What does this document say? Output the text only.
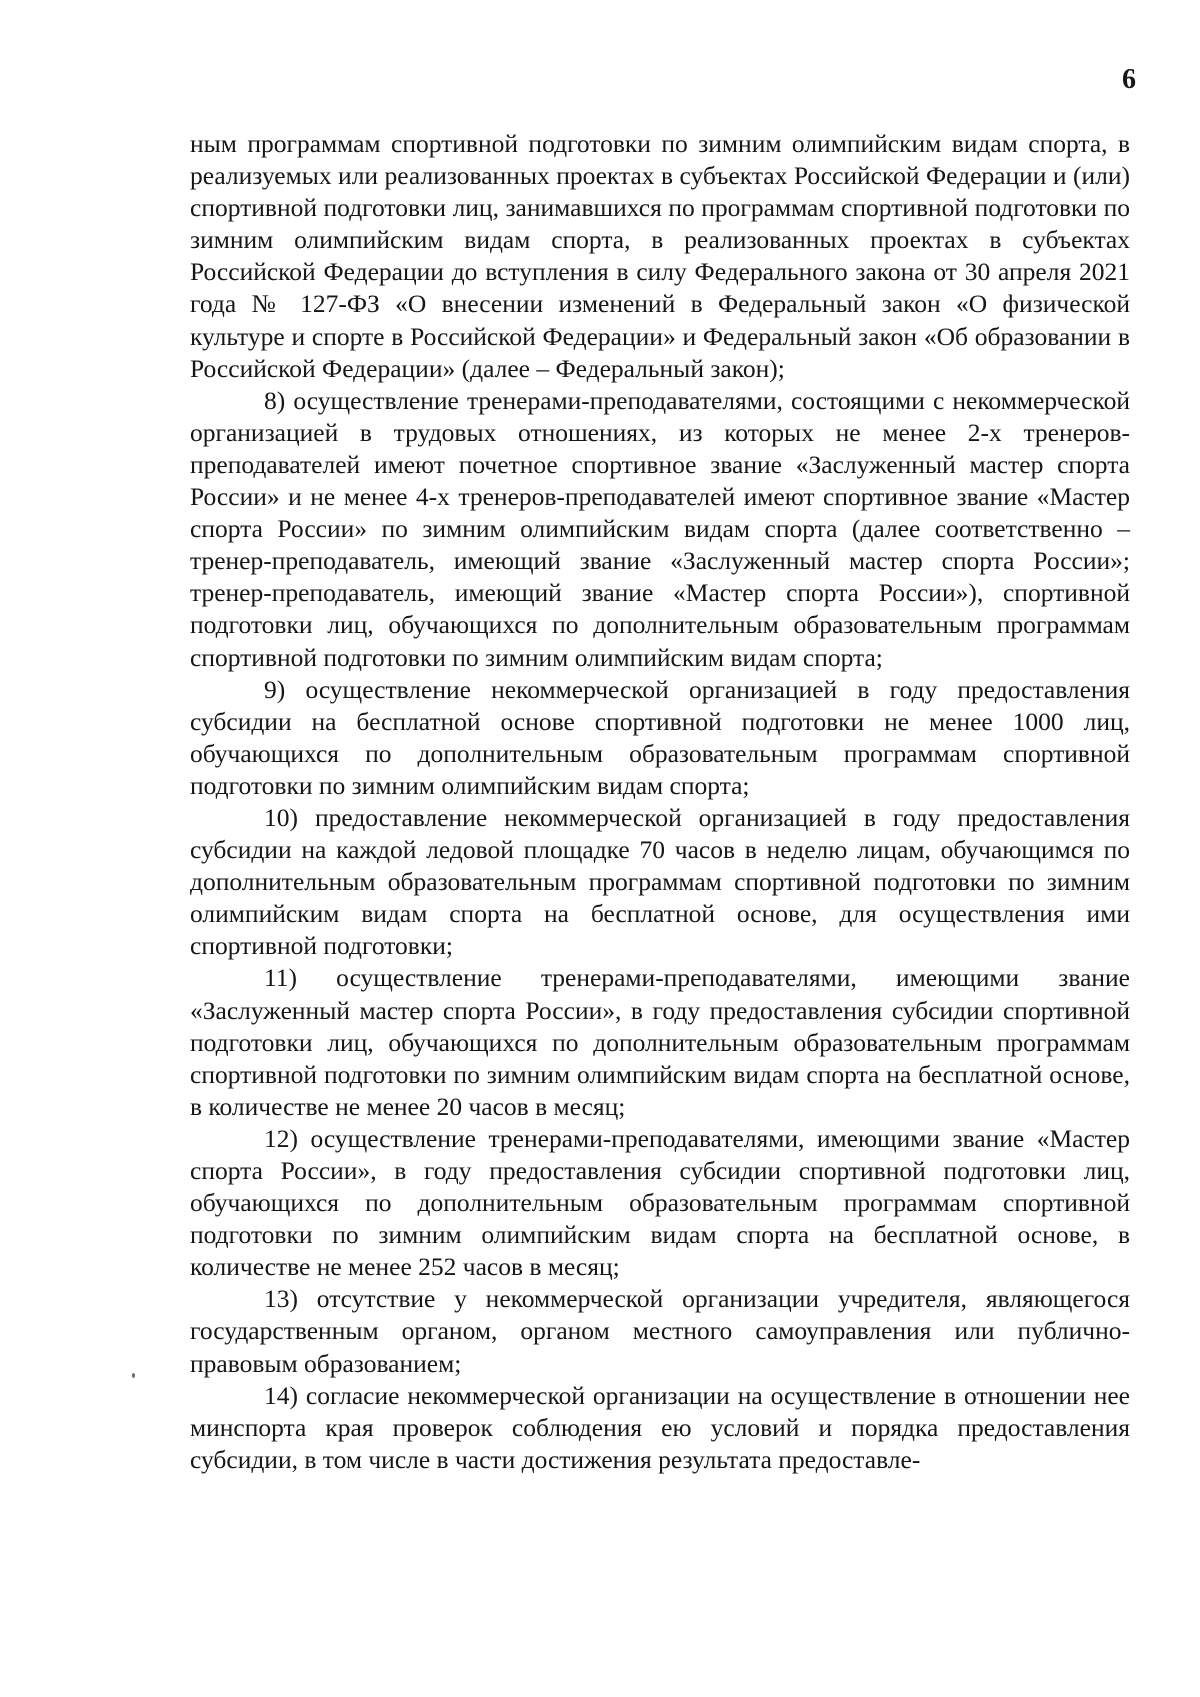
6

ным программам спортивной подготовки по зимним олимпийским видам спорта, в реализуемых или реализованных проектах в субъектах Российской Федерации и (или) спортивной подготовки лиц, занимавшихся по программам спортивной подготовки по зимним олимпийским видам спорта, в реализованных проектах в субъектах Российской Федерации до вступления в силу Федерального закона от 30 апреля 2021 года № 127-ФЗ «О внесении изменений в Федеральный закон «О физической культуре и спорте в Российской Федерации» и Федеральный закон «Об образовании в Российской Федерации» (далее – Федеральный закон);

8) осуществление тренерами-преподавателями, состоящими с некоммерческой организацией в трудовых отношениях, из которых не менее 2-х тренеров-преподавателей имеют почетное спортивное звание «Заслуженный мастер спорта России» и не менее 4-х тренеров-преподавателей имеют спортивное звание «Мастер спорта России» по зимним олимпийским видам спорта (далее соответственно – тренер-преподаватель, имеющий звание «Заслуженный мастер спорта России»; тренер-преподаватель, имеющий звание «Мастер спорта России»), спортивной подготовки лиц, обучающихся по дополнительным образовательным программам спортивной подготовки по зимним олимпийским видам спорта;

9) осуществление некоммерческой организацией в году предоставления субсидии на бесплатной основе спортивной подготовки не менее 1000 лиц, обучающихся по дополнительным образовательным программам спортивной подготовки по зимним олимпийским видам спорта;

10) предоставление некоммерческой организацией в году предоставления субсидии на каждой ледовой площадке 70 часов в неделю лицам, обучающимся по дополнительным образовательным программам спортивной подготовки по зимним олимпийским видам спорта на бесплатной основе, для осуществления ими спортивной подготовки;

11) осуществление тренерами-преподавателями, имеющими звание «Заслуженный мастер спорта России», в году предоставления субсидии спортивной подготовки лиц, обучающихся по дополнительным образовательным программам спортивной подготовки по зимним олимпийским видам спорта на бесплатной основе, в количестве не менее 20 часов в месяц;

12) осуществление тренерами-преподавателями, имеющими звание «Мастер спорта России», в году предоставления субсидии спортивной подготовки лиц, обучающихся по дополнительным образовательным программам спортивной подготовки по зимним олимпийским видам спорта на бесплатной основе, в количестве не менее 252 часов в месяц;

13) отсутствие у некоммерческой организации учредителя, являющегося государственным органом, органом местного самоуправления или публично-правовым образованием;

14) согласие некоммерческой организации на осуществление в отношении нее минспорта края проверок соблюдения ею условий и порядка предоставления субсидии, в том числе в части достижения результата предоставле-
